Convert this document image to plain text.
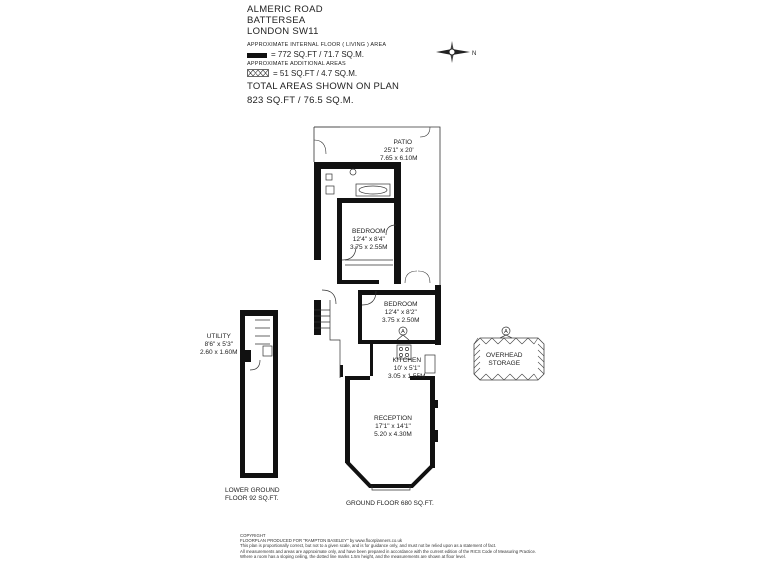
ALMERIC ROAD
BATTERSEA
LONDON SW11
APPROXIMATE INTERNAL FLOOR ( LIVING ) AREA
= 772 SQ.FT / 71.7 SQ.M.
APPROXIMATE ADDITIONAL AREAS
= 51 SQ.FT / 4.7 SQ.M.
TOTAL AREAS SHOWN ON PLAN
823 SQ.FT / 76.5 SQ.M.
N
A	A
PATIO
25'1" x 20'
7.65 x 6.10M
BEDROOM
12'4" x 8'4"
3.75 x 2.55M
BEDROOM
12'4" x 8'2"
3.75 x 2.50M
KITCHEN
10' x 5'1"
3.05 x 1.55M
RECEPTION
17'1" x 14'1"
5.20 x 4.30M
UTILITY
8'6" x 5'3"
2.60 x 1.60M	OVERHEAD
STORAGE
LOWER GROUND
FLOOR 92 SQ.FT.
GROUND FLOOR 680 SQ.FT.
COPYRIGHT
FLOORPLAN PRODUCED FOR "RAMPTON BASELEY" by www.floorplanners.co.uk
This plan is proportionally correct, but not to a given scale, and is for guidance only, and must not be relied upon as a statement of fact.
All measurements and areas are approximate only, and have been prepared in accordance with the current edition of the RICS Code of Measuring Practice.
Where a room has a sloping ceiling, the dotted line marks 1.5m height, and the measurements are shown at floor level.
